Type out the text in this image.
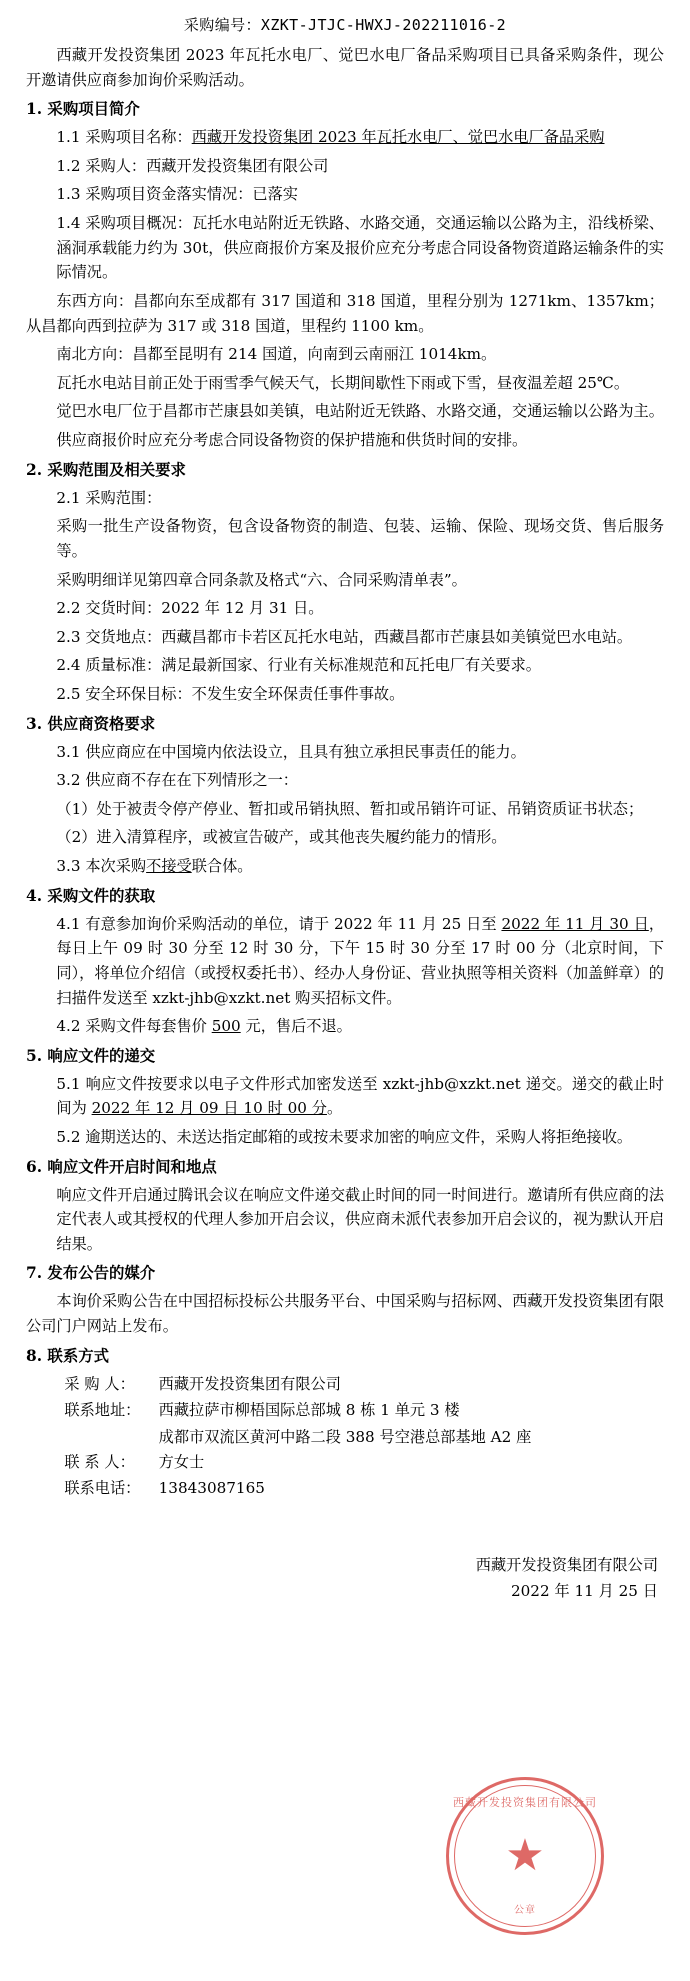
采购编号：XZKT-JTJC-HWXJ-202211016-2

西藏开发投资集团 2023 年瓦托水电厂、觉巴水电厂备品采购项目已具备采购条件，现公开邀请供应商参加询价采购活动。

1. 采购项目简介

1.1 采购项目名称：西藏开发投资集团 2023 年瓦托水电厂、觉巴水电厂备品采购

1.2 采购人：西藏开发投资集团有限公司

1.3 采购项目资金落实情况：已落实

1.4 采购项目概况：瓦托水电站附近无铁路、水路交通，交通运输以公路为主，沿线桥梁、涵洞承载能力约为 30t，供应商报价方案及报价应充分考虑合同设备物资道路运输条件的实际情况。

东西方向：昌都向东至成都有 317 国道和 318 国道，里程分别为 1271km、1357km；从昌都向西到拉萨为 317 或 318 国道，里程约 1100 km。

南北方向：昌都至昆明有 214 国道，向南到云南丽江 1014km。

瓦托水电站目前正处于雨雪季气候天气，长期间歇性下雨或下雪，昼夜温差超 25℃。

觉巴水电厂位于昌都市芒康县如美镇，电站附近无铁路、水路交通，交通运输以公路为主。

供应商报价时应充分考虑合同设备物资的保护措施和供货时间的安排。

2. 采购范围及相关要求

2.1 采购范围：

采购一批生产设备物资，包含设备物资的制造、包装、运输、保险、现场交货、售后服务等。

采购明细详见第四章合同条款及格式“六、合同采购清单表”。

2.2 交货时间：2022 年 12 月 31 日。

2.3 交货地点：西藏昌都市卡若区瓦托水电站，西藏昌都市芒康县如美镇觉巴水电站。

2.4 质量标准：满足最新国家、行业有关标准规范和瓦托电厂有关要求。

2.5 安全环保目标：不发生安全环保责任事件事故。

3. 供应商资格要求

3.1 供应商应在中国境内依法设立，且具有独立承担民事责任的能力。

3.2 供应商不存在在下列情形之一：

（1）处于被责令停产停业、暂扣或吊销执照、暂扣或吊销许可证、吊销资质证书状态；

（2）进入清算程序，或被宣告破产，或其他丧失履约能力的情形。

3.3 本次采购不接受联合体。

4. 采购文件的获取

4.1 有意参加询价采购活动的单位，请于 2022 年 11 月 25 日至 2022 年 11 月 30 日，每日上午 09 时 30 分至 12 时 30 分，下午 15 时 30 分至 17 时 00 分（北京时间，下同），将单位介绍信（或授权委托书）、经办人身份证、营业执照等相关资料（加盖鲜章）的扫描件发送至 xzkt-jhb@xzkt.net 购买招标文件。

4.2 采购文件每套售价 500 元，售后不退。

5. 响应文件的递交

5.1 响应文件按要求以电子文件形式加密发送至 xzkt-jhb@xzkt.net 递交。递交的截止时间为 2022 年 12 月 09 日 10 时 00 分。

5.2 逾期送达的、未送达指定邮箱的或按未要求加密的响应文件，采购人将拒绝接收。

6. 响应文件开启时间和地点

响应文件开启通过腾讯会议在响应文件递交截止时间的同一时间进行。邀请所有供应商的法定代表人或其授权的代理人参加开启会议，供应商未派代表参加开启会议的，视为默认开启结果。

7. 发布公告的媒介

本询价采购公告在中国招标投标公共服务平台、中国采购与招标网、西藏开发投资集团有限公司门户网站上发布。

8. 联系方式

采 购 人：	西藏开发投资集团有限公司
联系地址：	西藏拉萨市柳梧国际总部城 8 栋 1 单元 3 楼
成都市双流区黄河中路二段 388 号空港总部基地 A2 座
联 系 人：	方女士
联系电话：	13843087165
西藏开发投资集团有限公司
2022 年 11 月 25 日
西藏开发投资集团有限公司
★
公章
